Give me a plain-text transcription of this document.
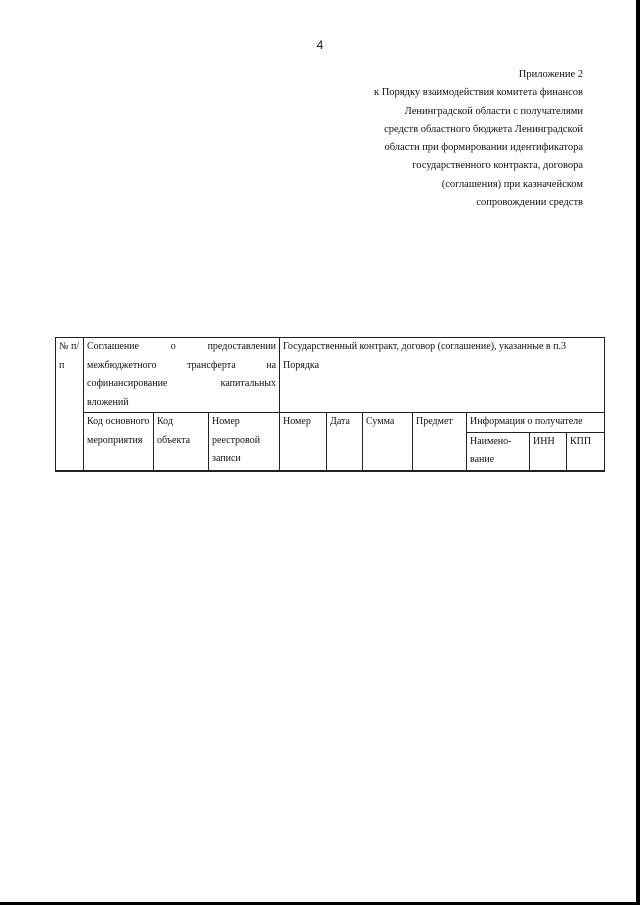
4
Приложение 2
к Порядку взаимодействия комитета финансов
Ленинградской области с получателями
средств областного бюджета Ленинградской
области при формировании идентификатора
государственного контракта, договора
(соглашения) при казначейском
сопровождении средств
№ п/п	Соглашение о предоставлении
межбюджетного трансферта на
софинансирование капитальных
вложений			Государственный контракт, договор (соглашение), указанные в п.3 Порядка						
	Код основного мероприятия	Код объекта	Номер реестровой записи	Номер	Дата	Сумма	Предмет	Информация о получателе		
								Наимено-вание	ИНН	КПП
